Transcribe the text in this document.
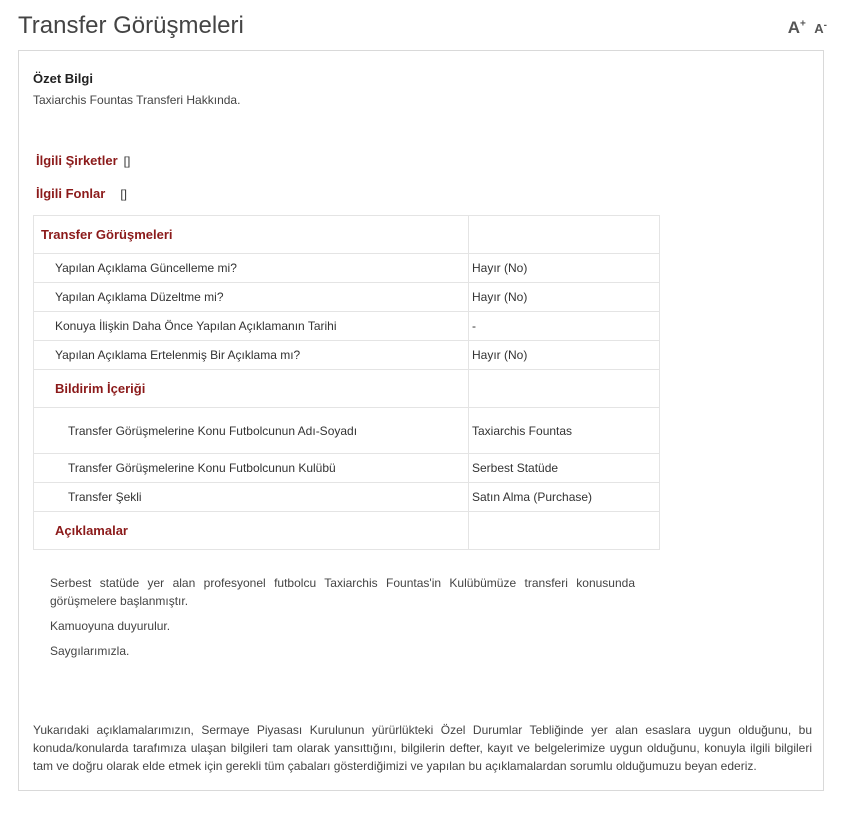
Transfer Görüşmeleri	A+ A-
Özet Bilgi
Taxiarchis Fountas Transferi Hakkında.
İlgili Şirketler []
İlgili Fonlar []
Transfer Görüşmeleri	
Yapılan Açıklama Güncelleme mi?	Hayır (No)
Yapılan Açıklama Düzeltme mi?	Hayır (No)
Konuya İlişkin Daha Önce Yapılan Açıklamanın Tarihi	-
Yapılan Açıklama Ertelenmiş Bir Açıklama mı?	Hayır (No)
Bildirim İçeriği	
Transfer Görüşmelerine Konu Futbolcunun Adı-Soyadı	Taxiarchis Fountas
Transfer Görüşmelerine Konu Futbolcunun Kulübü	Serbest Statüde
Transfer Şekli	Satın Alma (Purchase)
Açıklamalar	

Serbest statüde yer alan profesyonel futbolcu Taxiarchis Fountas'in Kulübümüze transferi konusunda görüşmelere başlanmıştır.

Kamuoyuna duyurulur.

Saygılarımızla.

Yukarıdaki açıklamalarımızın, Sermaye Piyasası Kurulunun yürürlükteki Özel Durumlar Tebliğinde yer alan esaslara uygun olduğunu, bu konuda/konularda tarafımıza ulaşan bilgileri tam olarak yansıttığını, bilgilerin defter, kayıt ve belgelerimize uygun olduğunu, konuyla ilgili bilgileri tam ve doğru olarak elde etmek için gerekli tüm çabaları gösterdiğimizi ve yapılan bu açıklamalardan sorumlu olduğumuzu beyan ederiz.
